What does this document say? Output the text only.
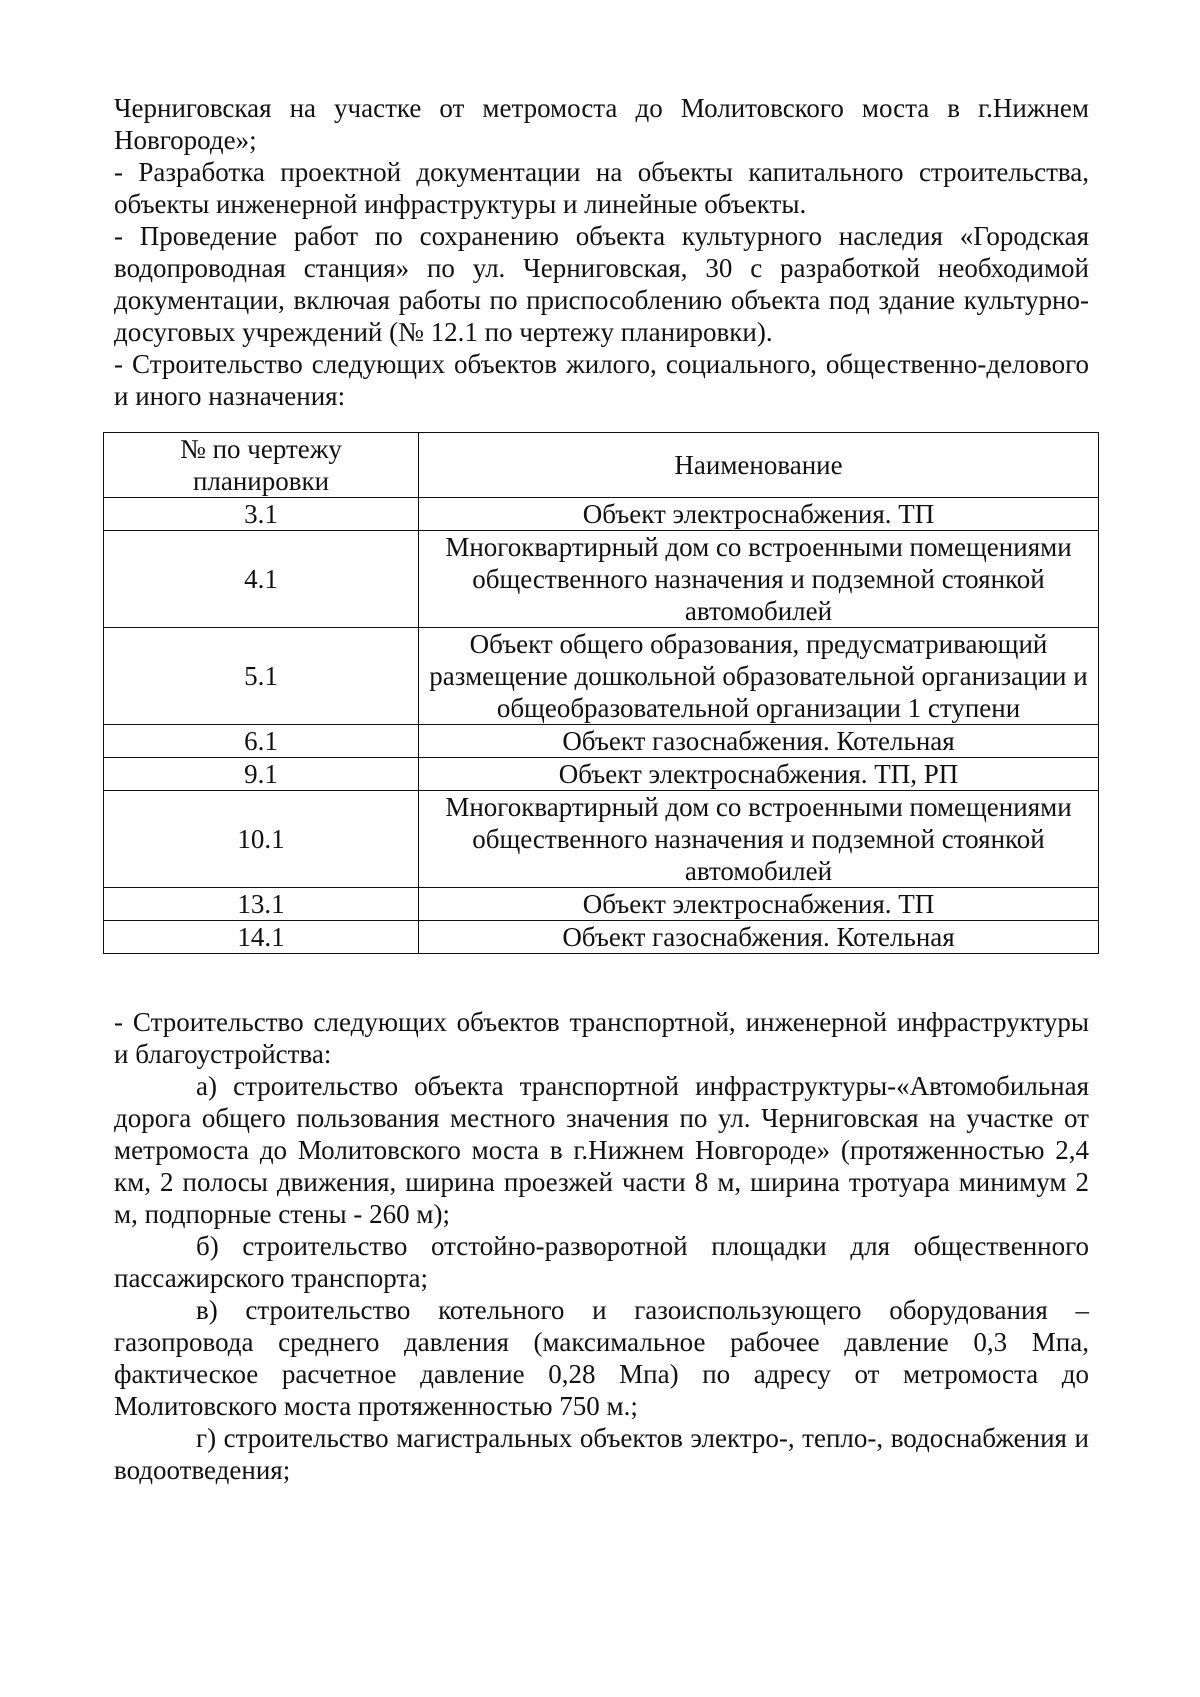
Черниговская на участке от метромоста до Молитовского моста в г.Нижнем Новгороде»;

- Разработка проектной документации на объекты капитального строительства, объекты инженерной инфраструктуры и линейные объекты.

- Проведение работ по сохранению объекта культурного наследия «Городская водопроводная станция» по ул. Черниговская, 30 с разработкой необходимой документации, включая работы по приспособлению объекта под здание культурно-досуговых учреждений (№ 12.1 по чертежу планировки).

- Строительство следующих объектов жилого, социального, общественно-делового и иного назначения:

№ по чертежу планировки	Наименование
3.1	Объект электроснабжения. ТП
4.1	Многоквартирный дом со встроенными помещениями общественного назначения и подземной стоянкой автомобилей
5.1	Объект общего образования, предусматривающий размещение дошкольной образовательной организации и общеобразовательной организации 1 ступени
6.1	Объект газоснабжения. Котельная
9.1	Объект электроснабжения. ТП, РП
10.1	Многоквартирный дом со встроенными помещениями общественного назначения и подземной стоянкой автомобилей
13.1	Объект электроснабжения. ТП
14.1	Объект газоснабжения. Котельная

- Строительство следующих объектов транспортной, инженерной инфраструктуры и благоустройства:

а) строительство объекта транспортной инфраструктуры-«Автомобильная дорога общего пользования местного значения по ул. Черниговская на участке от метромоста до Молитовского моста в г.Нижнем Новгороде» (протяженностью 2,4 км, 2 полосы движения, ширина проезжей части 8 м, ширина тротуара минимум 2 м, подпорные стены - 260 м);

б) строительство отстойно-разворотной площадки для общественного пассажирского транспорта;

в) строительство котельного и газоиспользующего оборудования – газопровода среднего давления (максимальное рабочее давление 0,3 Мпа, фактическое расчетное давление 0,28 Мпа) по адресу от метромоста до Молитовского моста протяженностью 750 м.;

г) строительство магистральных объектов электро-, тепло-, водоснабжения и водоотведения;
